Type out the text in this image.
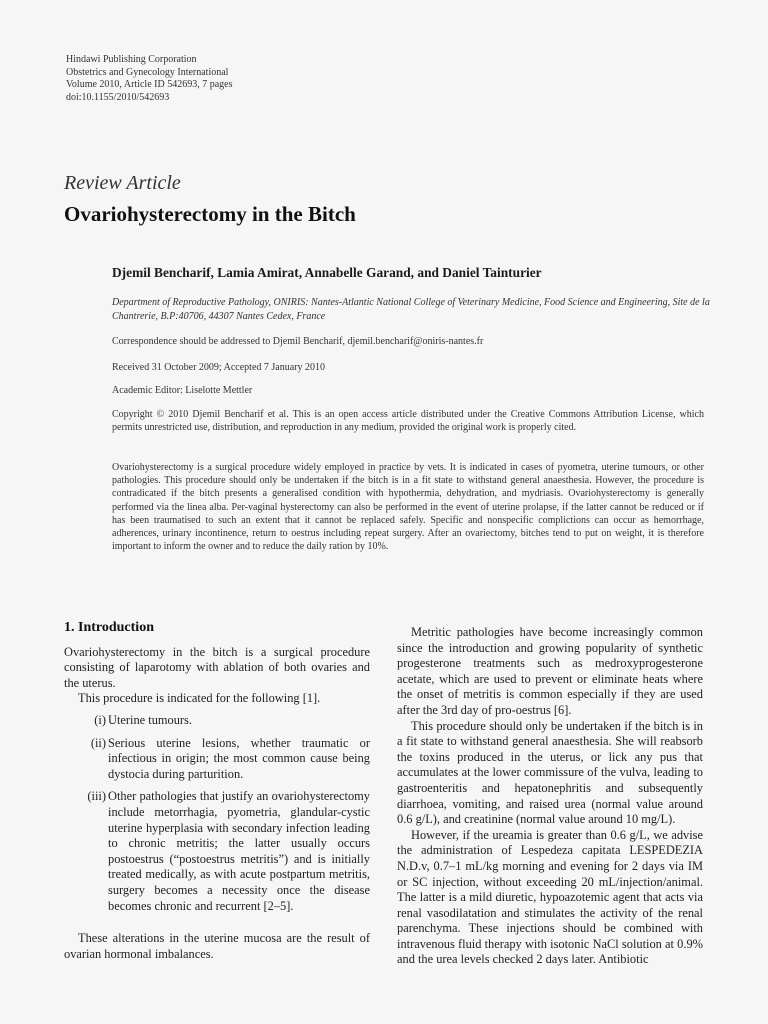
Hindawi Publishing Corporation
Obstetrics and Gynecology International
Volume 2010, Article ID 542693, 7 pages
doi:10.1155/2010/542693
Review Article
Ovariohysterectomy in the Bitch
Djemil Bencharif, Lamia Amirat, Annabelle Garand, and Daniel Tainturier
Department of Reproductive Pathology, ONIRIS: Nantes-Atlantic National College of Veterinary Medicine, Food Science and Engineering, Site de la Chantrerie, B.P:40706, 44307 Nantes Cedex, France
Correspondence should be addressed to Djemil Bencharif, djemil.bencharif@oniris-nantes.fr
Received 31 October 2009; Accepted 7 January 2010
Academic Editor: Liselotte Mettler
Copyright © 2010 Djemil Bencharif et al. This is an open access article distributed under the Creative Commons Attribution License, which permits unrestricted use, distribution, and reproduction in any medium, provided the original work is properly cited.
Ovariohysterectomy is a surgical procedure widely employed in practice by vets. It is indicated in cases of pyometra, uterine tumours, or other pathologies. This procedure should only be undertaken if the bitch is in a fit state to withstand general anaesthesia. However, the procedure is contradicated if the bitch presents a generalised condition with hypothermia, dehydration, and mydriasis. Ovariohysterectomy is generally performed via the linea alba. Per-vaginal hysterectomy can also be performed in the event of uterine prolapse, if the latter cannot be reduced or if has been traumatised to such an extent that it cannot be replaced safely. Specific and nonspecific complictions can occur as hemorrhage, adherences, urinary incontinence, return to oestrus including repeat surgery. After an ovariectomy, bitches tend to put on weight, it is therefore important to inform the owner and to reduce the daily ration by 10%.
1. Introduction

Ovariohysterectomy in the bitch is a surgical procedure consisting of laparotomy with ablation of both ovaries and the uterus.

This procedure is indicated for the following [1].

(i) Uterine tumours.
(ii) Serious uterine lesions, whether traumatic or infectious in origin; the most common cause being dystocia during parturition.
(iii) Other pathologies that justify an ovariohysterectomy include metorrhagia, pyometria, glandular-cystic uterine hyperplasia with secondary infection leading to chronic metritis; the latter usually occurs postoestrus (“postoestrus metritis”) and is initially treated medically, as with acute postpartum metritis, surgery becomes a necessity once the disease becomes chronic and recurrent [2–5].

These alterations in the uterine mucosa are the result of ovarian hormonal imbalances.

Metritic pathologies have become increasingly common since the introduction and growing popularity of synthetic progesterone treatments such as medroxyprogesterone acetate, which are used to prevent or eliminate heats where the onset of metritis is common especially if they are used after the 3rd day of pro-oestrus [6].

This procedure should only be undertaken if the bitch is in a fit state to withstand general anaesthesia. She will reabsorb the toxins produced in the uterus, or lick any pus that accumulates at the lower commissure of the vulva, leading to gastroenteritis and hepatonephritis and subsequently diarrhoea, vomiting, and raised urea (normal value around 0.6 g/L), and creatinine (normal value around 10 mg/L).

However, if the ureamia is greater than 0.6 g/L, we advise the administration of Lespedeza capitata LESPEDEZIA N.D.v, 0.7–1 mL/kg morning and evening for 2 days via IM or SC injection, without exceeding 20 mL/injection/animal. The latter is a mild diuretic, hypoazotemic agent that acts via renal vasodilatation and stimulates the activity of the renal parenchyma. These injections should be combined with intravenous fluid therapy with isotonic NaCl solution at 0.9% and the urea levels checked 2 days later. Antibiotic
